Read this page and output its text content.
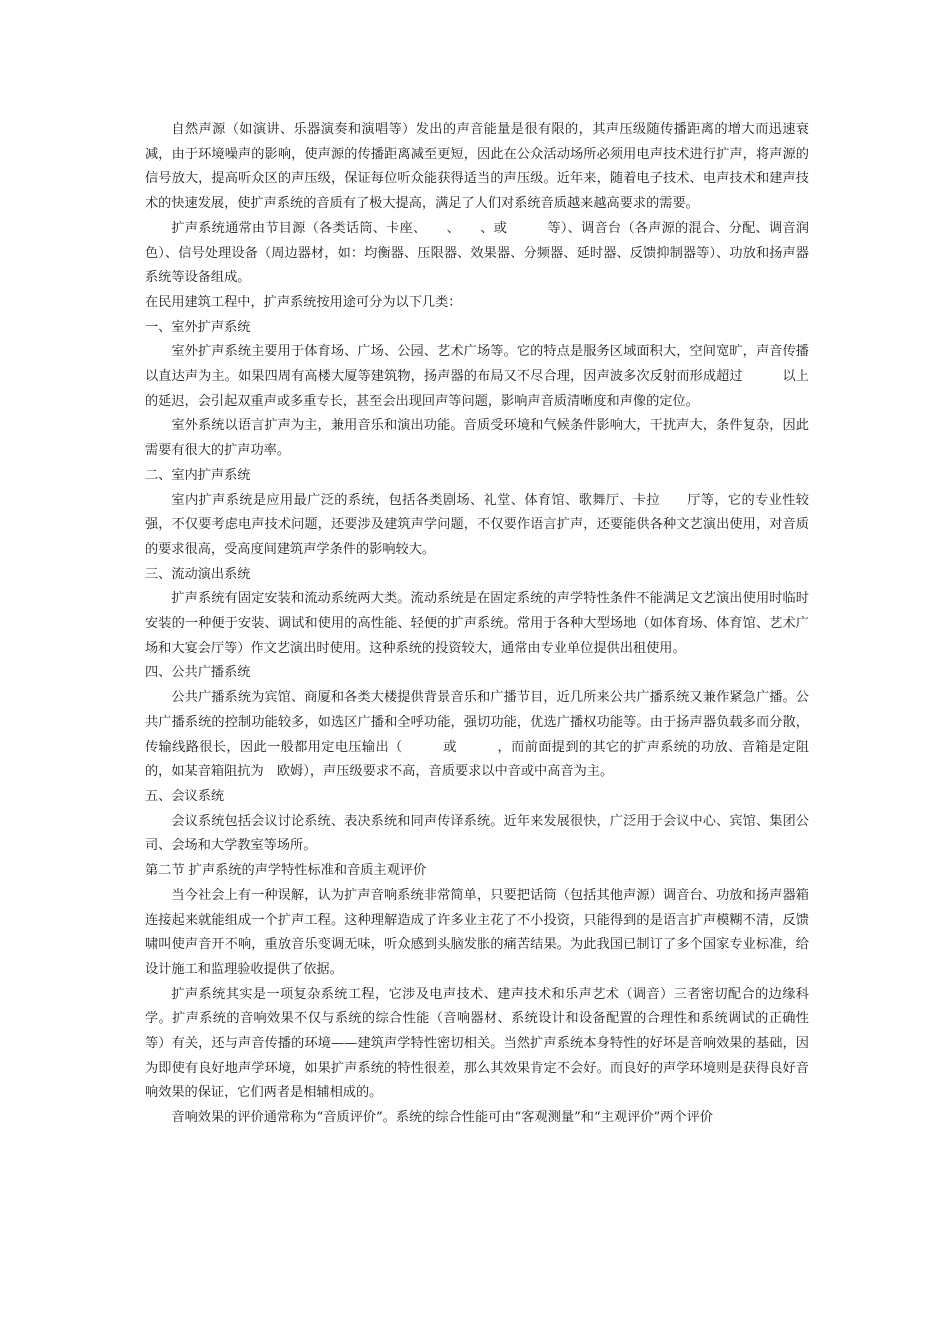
自然声源（如演讲、乐器演奏和演唱等）发出的声音能量是很有限的，其声压级随传播距离的增大而迅速衰减，由于环境噪声的影响，使声源的传播距离减至更短，因此在公众活动场所必须用电声技术进行扩声，将声源的信号放大，提高听众区的声压级，保证每位听众能获得适当的声压级。近年来，随着电子技术、电声技术和建声技术的快速发展，使扩声系统的音质有了极大提高，满足了人们对系统音质越来越高要求的需要。

扩声系统通常由节目源（各类话筒、卡座、　　、　　、或　　　等）、调音台（各声源的混合、分配、调音润色）、信号处理设备（周边器材，如：均衡器、压限器、效果器、分频器、延时器、反馈抑制器等）、功放和扬声器系统等设备组成。

在民用建筑工程中，扩声系统按用途可分为以下几类：

一、室外扩声系统

室外扩声系统主要用于体育场、广场、公园、艺术广场等。它的特点是服务区域面积大，空间宽旷，声音传播以直达声为主。如果四周有高楼大厦等建筑物，扬声器的布局又不尽合理，因声波多次反射而形成超过　　　以上的延迟，会引起双重声或多重专长，甚至会出现回声等问题，影响声音质清晰度和声像的定位。

室外系统以语言扩声为主，兼用音乐和演出功能。音质受环境和气候条件影响大，干扰声大，条件复杂，因此需要有很大的扩声功率。

二、室内扩声系统

室内扩声系统是应用最广泛的系统，包括各类剧场、礼堂、体育馆、歌舞厅、卡拉　　厅等，它的专业性较强，不仅要考虑电声技术问题，还要涉及建筑声学问题，不仅要作语言扩声，还要能供各种文艺演出使用，对音质的要求很高，受高度间建筑声学条件的影响较大。

三、流动演出系统

扩声系统有固定安装和流动系统两大类。流动系统是在固定系统的声学特性条件不能满足文艺演出使用时临时安装的一种便于安装、调试和使用的高性能、轻便的扩声系统。常用于各种大型场地（如体育场、体育馆、艺术广场和大宴会厅等）作文艺演出时使用。这种系统的投资较大，通常由专业单位提供出租使用。

四、公共广播系统

公共广播系统为宾馆、商厦和各类大楼提供背景音乐和广播节目，近几所来公共广播系统又兼作紧急广播。公共广播系统的控制功能较多，如选区广播和全呼功能，强切功能，优选广播权功能等。由于扬声器负载多而分散，传输线路很长，因此一般都用定电压输出（　　　或　　　，而前面提到的其它的扩声系统的功放、音箱是定阻的，如某音箱阻抗为　欧姆），声压级要求不高，音质要求以中音或中高音为主。

五、会议系统

会议系统包括会议讨论系统、表决系统和同声传译系统。近年来发展很快，广泛用于会议中心、宾馆、集团公司、会场和大学教室等场所。

第二节 扩声系统的声学特性标准和音质主观评价

当今社会上有一种误解，认为扩声音响系统非常简单，只要把话筒（包括其他声源）调音台、功放和扬声器箱连接起来就能组成一个扩声工程。这种理解造成了许多业主花了不小投资，只能得到的是语言扩声模糊不清，反馈啸叫使声音开不响，重放音乐变调无味，听众感到头脑发胀的痛苦结果。为此我国已制订了多个国家专业标准，给设计施工和监理验收提供了依据。

扩声系统其实是一项复杂系统工程，它涉及电声技术、建声技术和乐声艺术（调音）三者密切配合的边缘科学。扩声系统的音响效果不仅与系统的综合性能（音响器材、系统设计和设备配置的合理性和系统调试的正确性等）有关，还与声音传播的环境——建筑声学特性密切相关。当然扩声系统本身特性的好坏是音响效果的基础，因为即使有良好地声学环境，如果扩声系统的特性很差，那么其效果肯定不会好。而良好的声学环境则是获得良好音响效果的保证，它们两者是相辅相成的。

音响效果的评价通常称为“音质评价”。系统的综合性能可由“客观测量”和“主观评价”两个评价
